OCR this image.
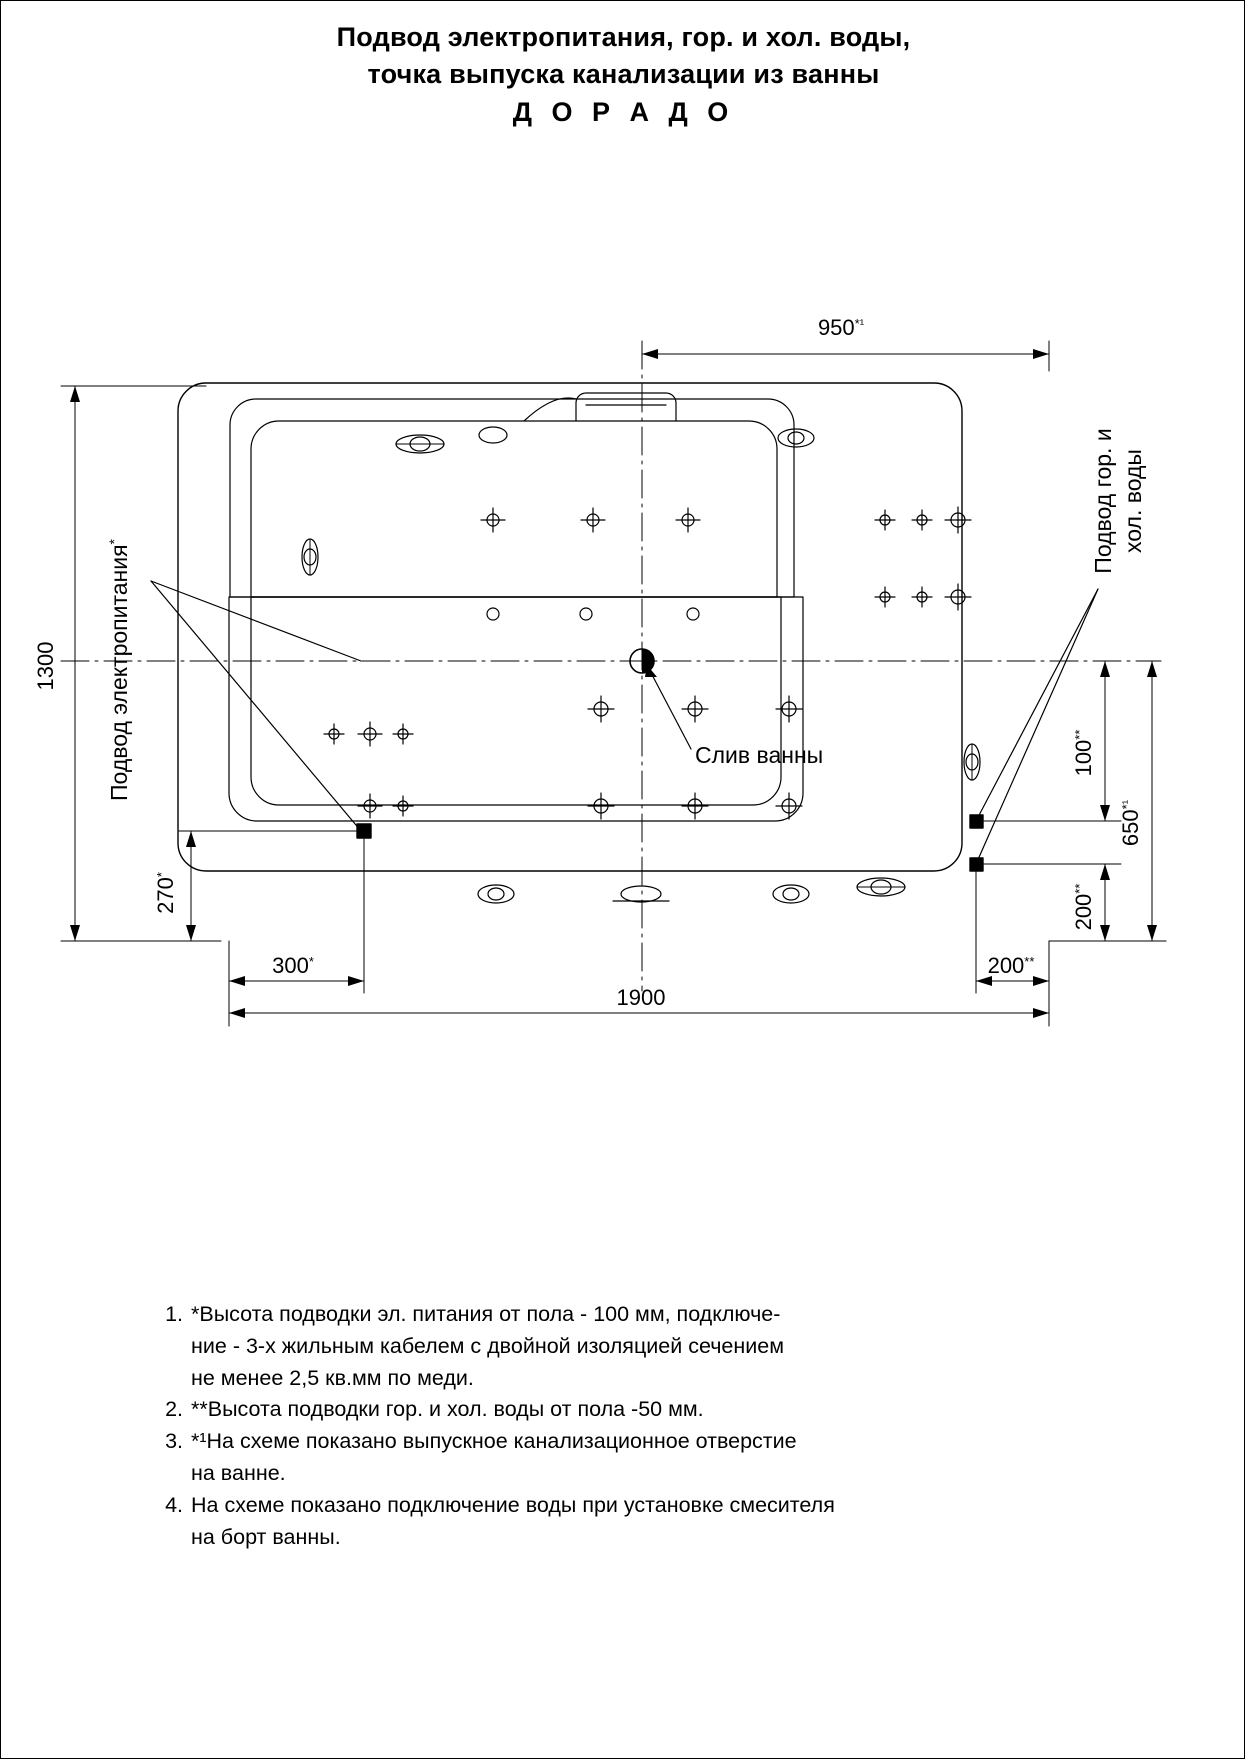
Подвод электропитания, гор. и хол. воды,
точка выпуска канализации из ванны
Д О Р А Д О
$950^{*^1}$
1300
1900
300*	200**
270*
100**
200**
$650^{*^1}$
Слив ванны
Подвод электропитания*	Подвод гор. и хол. воды
1. *Высота подводки эл. питания от пола - 100 мм, подключе-
ние - 3-х жильным кабелем с двойной изоляцией сечением
не менее 2,5 кв.мм по меди.
2. **Высота подводки гор. и хол. воды от пола -50 мм.
3. *¹На схеме показано выпускное канализационное отверстие
на ванне.
4. На схеме показано подключение воды при установке смесителя
на борт ванны.
